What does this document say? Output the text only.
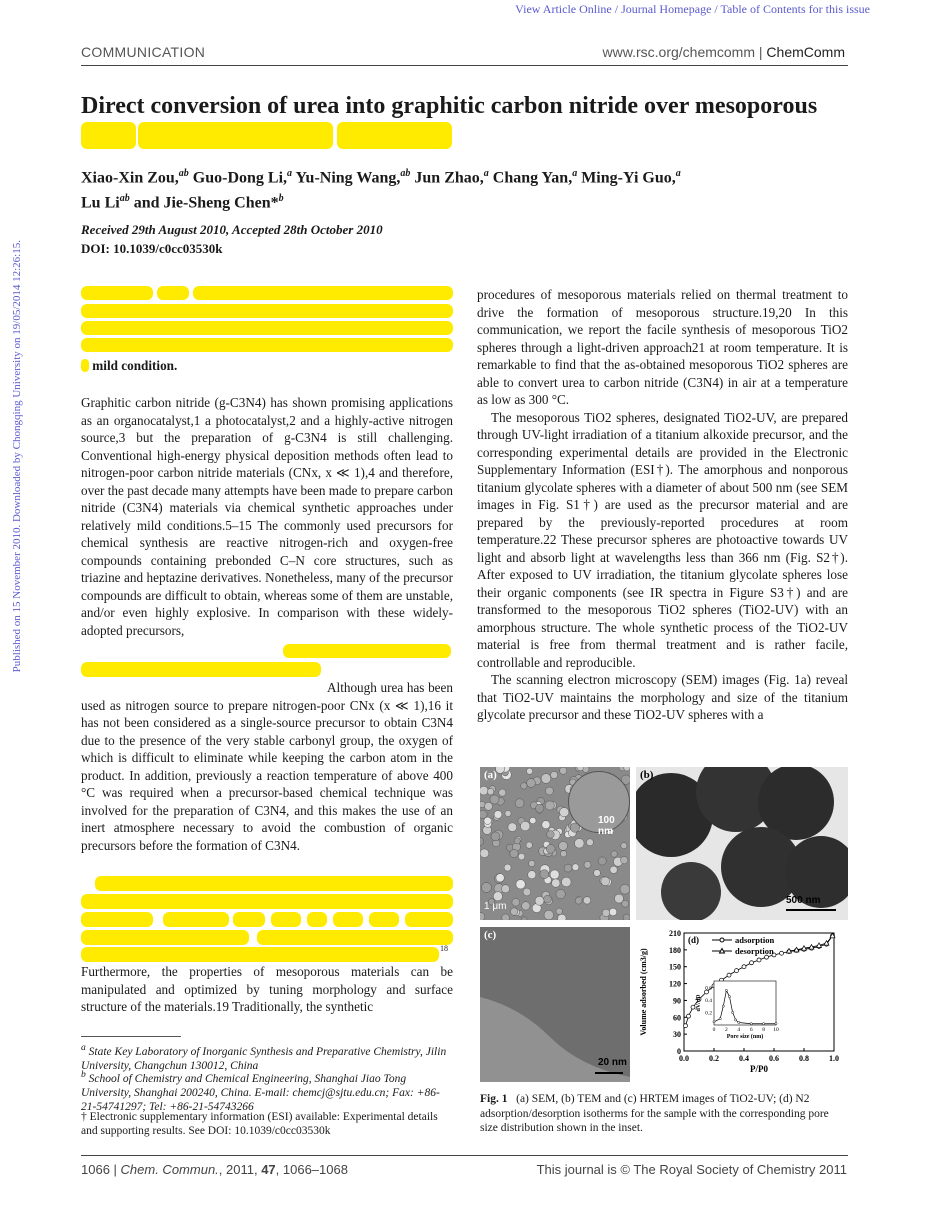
View Article Online / Journal Homepage / Table of Contents for this issue
COMMUNICATION	www.rsc.org/chemcomm | ChemComm
Direct conversion of urea into graphitic carbon nitride over mesoporous
Xiao-Xin Zou,$^{ab}$ Guo-Dong Li,$^a$ Yu-Ning Wang,$^{ab}$ Jun Zhao,$^a$ Chang Yan,$^a$ Ming-Yi Guo,$^a$
Lu $Li^{ab}$ and Jie-Sheng Chen*$^b$
Received 29th August 2010, Accepted 28th October 2010
DOI: 10.1039/c0cc03530k
Published on 15 November 2010. Downloaded by Chongqing University on 19/05/2014 12:26:15.	mild condition.

Graphitic carbon nitride (g-C3N4) has shown promising applications as an organocatalyst,1 a photocatalyst,2 and a highly-active nitrogen source,3 but the preparation of g-C3N4 is still challenging. Conventional high-energy physical deposition methods often lead to nitrogen-poor carbon nitride materials (CNx, x ≪ 1),4 and therefore, over the past decade many attempts have been made to prepare carbon nitride (C3N4) materials via chemical synthetic approaches under relatively mild conditions.5–15 The commonly used precursors for chemical synthesis are reactive nitrogen-rich and oxygen-free compounds containing prebonded C–N core structures, such as triazine and heptazine derivatives. Nonetheless, many of the precursor compounds are difficult to obtain, whereas some of them are unstable, and/or even highly explosive. In comparison with these widely-adopted precursors,

Although urea has been used as nitrogen source to prepare nitrogen-poor CNx (x ≪ 1),16 it has not been considered as a single-source precursor to obtain C3N4 due to the presence of the very stable carbonyl group, the oxygen of which is difficult to eliminate while keeping the carbon atom in the product. In addition, previously a reaction temperature of above 400 °C was required when a precursor-based chemical technique was involved for the preparation of C3N4, and this makes the use of an inert atmosphere necessary to avoid the combustion of organic precursors before the formation of C3N4.

18

Furthermore, the properties of mesoporous materials can be manipulated and optimized by tuning morphology and surface structure of the materials.19 Traditionally, the synthetic

$^a$ State Key Laboratory of Inorganic Synthesis and Preparative Chemistry, Jilin University, Changchun 130012, China
$^b$ School of Chemistry and Chemical Engineering, Shanghai Jiao Tong University, Shanghai 200240, China. E-mail: chemcj@sjtu.edu.cn; Fax: +86-21-54741297; Tel: +86-21-54743266
† Electronic supplementary information (ESI) available: Experimental details and supporting results. See DOI: 10.1039/c0cc03530k

procedures of mesoporous materials relied on thermal treatment to drive the formation of mesoporous structure.19,20 In this communication, we report the facile synthesis of mesoporous TiO2 spheres through a light-driven approach21 at room temperature. It is remarkable to find that the as-obtained mesoporous TiO2 spheres are able to convert urea to carbon nitride (C3N4) in air at a temperature as low as 300 °C.

The mesoporous TiO2 spheres, designated TiO2-UV, are prepared through UV-light irradiation of a titanium alkoxide precursor, and the corresponding experimental details are provided in the Electronic Supplementary Information (ESI†). The amorphous and nonporous titanium glycolate spheres with a diameter of about 500 nm (see SEM images in Fig. S1†) are used as the precursor material and are prepared by the previously-reported procedures at room temperature.22 These precursor spheres are photoactive towards UV light and absorb light at wavelengths less than 366 nm (Fig. S2†). After exposed to UV irradiation, the titanium glycolate spheres lose their organic components (see IR spectra in Figure S3†) and are transformed to the mesoporous TiO2 spheres (TiO2-UV) with an amorphous structure. The whole synthetic process of the TiO2-UV material is free from thermal treatment and is rather facile, controllable and reproducible.

The scanning electron microscopy (SEM) images (Fig. 1a) reveal that TiO2-UV maintains the morphology and size of the titanium glycolate precursor and these TiO2-UV spheres with a

(a)
100 nm
1 μm
(b)
500 nm
(c)
20 nm
0
30
60
90
120
150
180
210
0.0	0.2	0.4	0.6	0.8	1.0
P/P0
Volume adsorbed (cm3/g)
(d)	adsorption
desorption
0.6
0.4
0.2
0 2 4 6 8 10
Pore size (nm)
dV/dD
Fig. 1 (a) SEM, (b) TEM and (c) HRTEM images of TiO2-UV; (d) N2 adsorption/desorption isotherms for the sample with the corresponding pore size distribution shown in the inset.
1066 | Chem. Commun., 2011, 47, 1066–1068	This journal is © The Royal Society of Chemistry 2011
